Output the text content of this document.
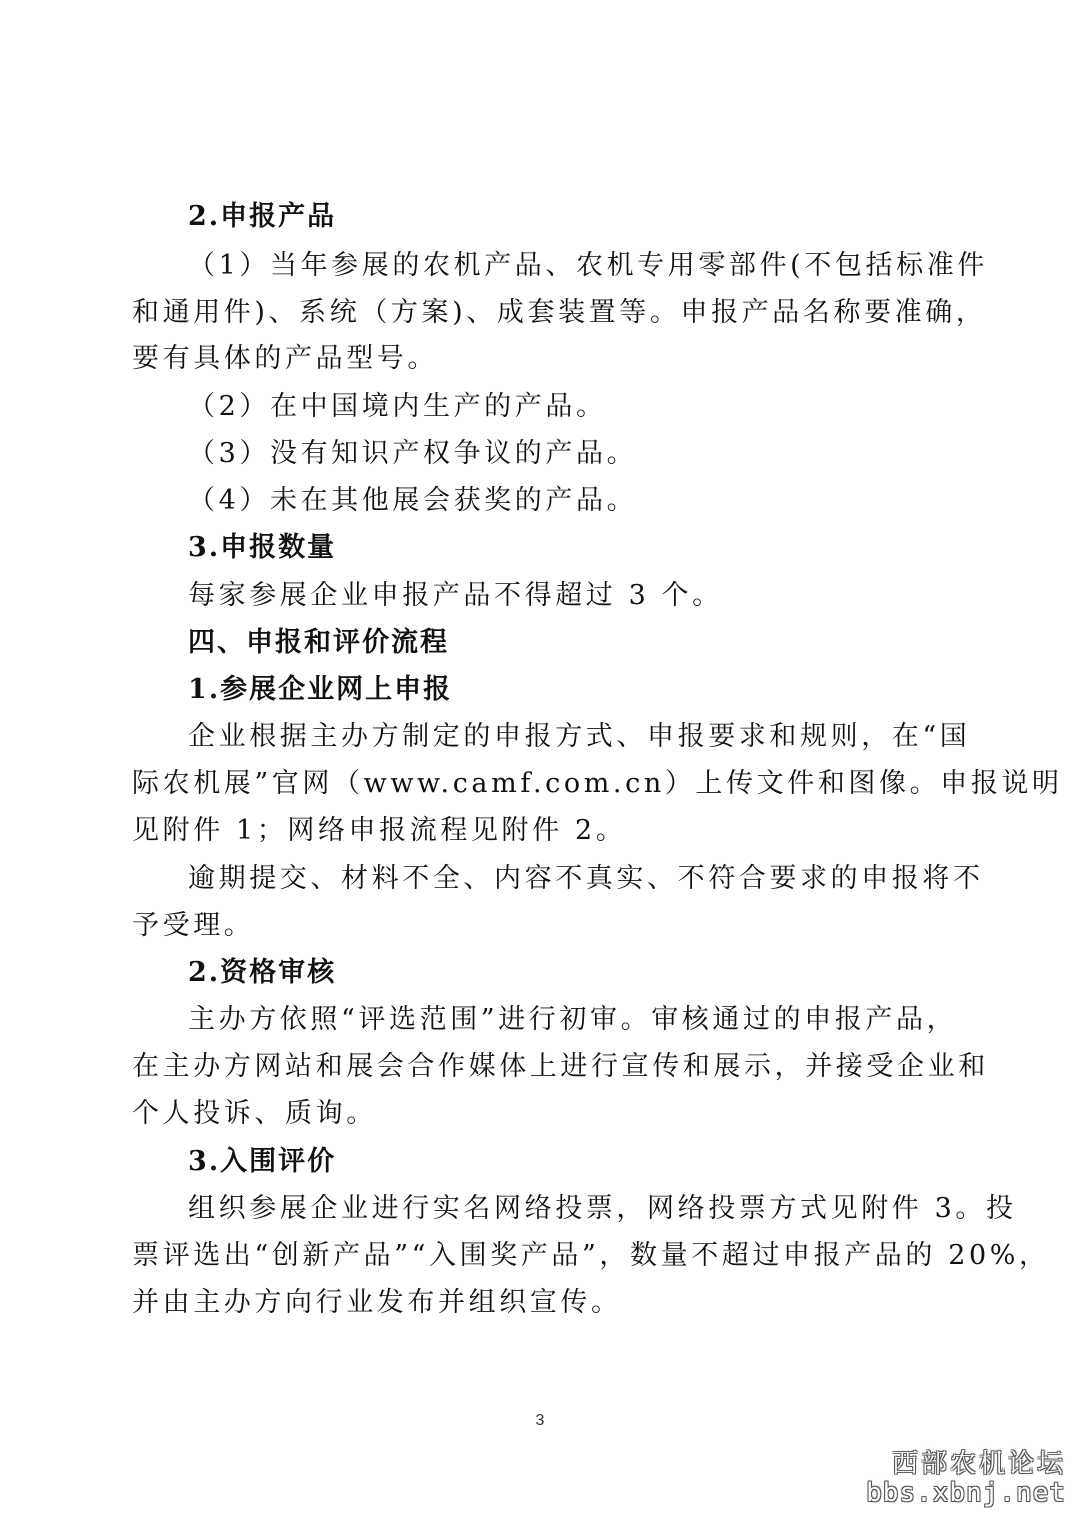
2.申报产品
（1）当年参展的农机产品、农机专用零部件(不包括标准件
和通用件)、系统（方案)、成套装置等。申报产品名称要准确，
要有具体的产品型号。
（2）在中国境内生产的产品。
（3）没有知识产权争议的产品。
（4）未在其他展会获奖的产品。
3.申报数量
每家参展企业申报产品不得超过 3 个。
四、申报和评价流程
1.参展企业网上申报
企业根据主办方制定的申报方式、申报要求和规则，在“国
际农机展”官网（www.camf.com.cn）上传文件和图像。申报说明
见附件 1；网络申报流程见附件 2。
逾期提交、材料不全、内容不真实、不符合要求的申报将不
予受理。
2.资格审核
主办方依照“评选范围”进行初审。审核通过的申报产品，
在主办方网站和展会合作媒体上进行宣传和展示，并接受企业和
个人投诉、质询。
3.入围评价
组织参展企业进行实名网络投票，网络投票方式见附件 3。投
票评选出“创新产品”“入围奖产品”，数量不超过申报产品的 20%，
并由主办方向行业发布并组织宣传。
3
西部农机论坛
bbs.xbnj.net
